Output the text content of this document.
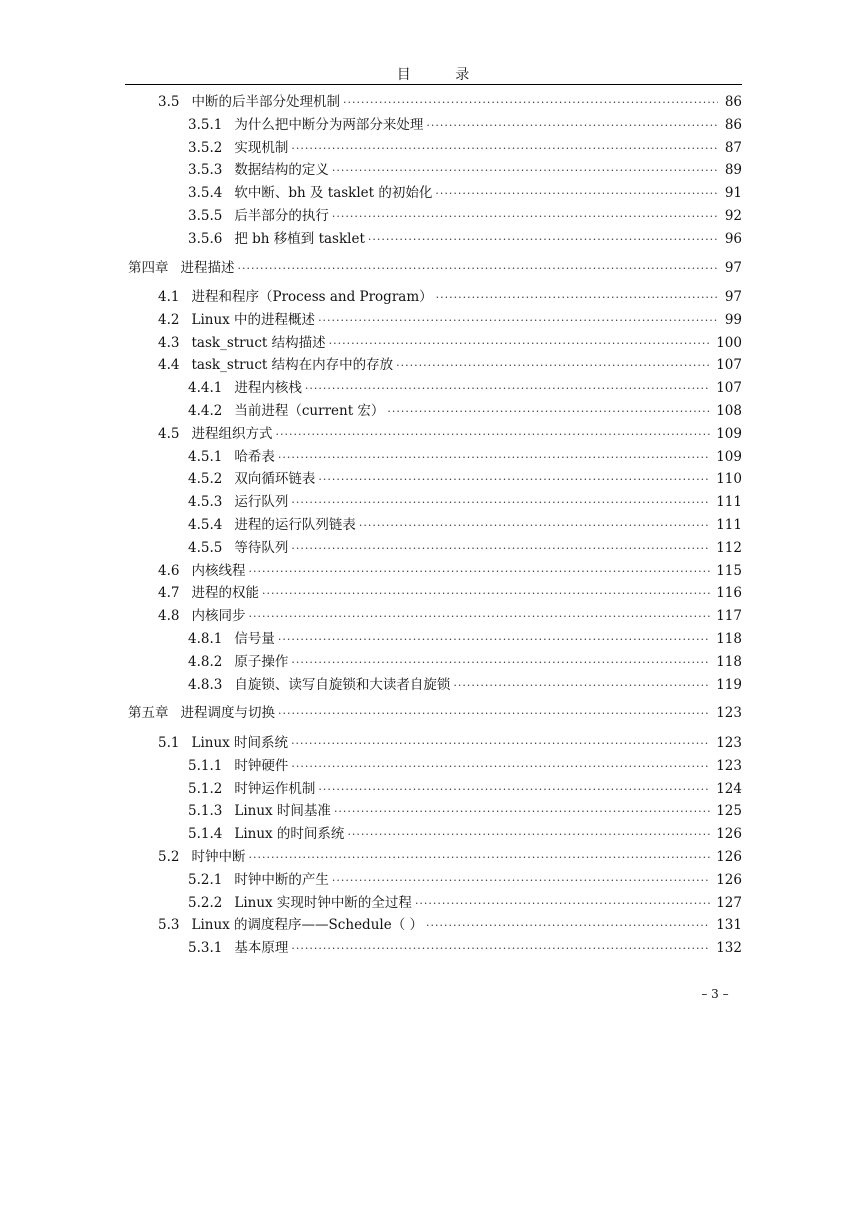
目 录
3.5 中断的后半部分处理机制 ·····	86
3.5.1 为什么把中断分为两部分来处理 ·····	86
3.5.2 实现机制 ·····	87
3.5.3 数据结构的定义 ·····	89
3.5.4 软中断、bh 及 tasklet 的初始化 ·····	91
3.5.5 后半部分的执行 ·····	92
3.5.6 把 bh 移植到 tasklet ·····	96
第四章 进程描述 ·····	97
4.1 进程和程序（Process and Program） ·····	97
4.2 Linux 中的进程概述 ·····	99
4.3 task_struct 结构描述 ·····	100
4.4 task_struct 结构在内存中的存放 ·····	107
4.4.1 进程内核栈 ·····	107
4.4.2 当前进程（current 宏） ·····	108
4.5 进程组织方式 ·····	109
4.5.1 哈希表 ·····	109
4.5.2 双向循环链表 ·····	110
4.5.3 运行队列 ·····	111
4.5.4 进程的运行队列链表 ·····	111
4.5.5 等待队列 ·····	112
4.6 内核线程 ·····	115
4.7 进程的权能 ·····	116
4.8 内核同步 ·····	117
4.8.1 信号量 ·····	118
4.8.2 原子操作 ·····	118
4.8.3 自旋锁、读写自旋锁和大读者自旋锁 ·····	119
第五章 进程调度与切换 ·····	123
5.1 Linux 时间系统 ·····	123
5.1.1 时钟硬件 ·····	123
5.1.2 时钟运作机制 ·····	124
5.1.3 Linux 时间基准 ·····	125
5.1.4 Linux 的时间系统 ·····	126
5.2 时钟中断 ·····	126
5.2.1 时钟中断的产生 ·····	126
5.2.2 Linux 实现时钟中断的全过程 ·····	127
5.3 Linux 的调度程序——Schedule（ ） ·····	131
5.3.1 基本原理 ·····	132
– 3 –
